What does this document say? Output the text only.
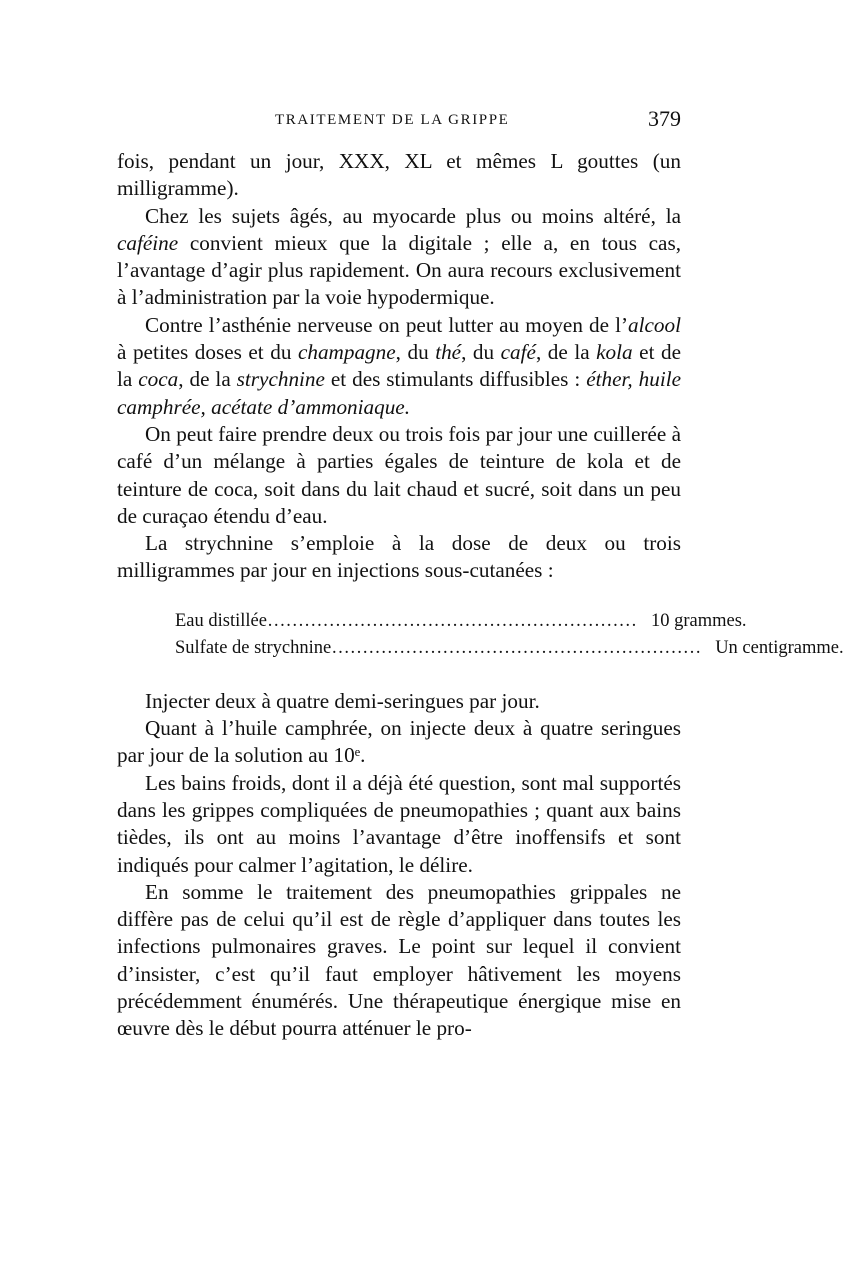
TRAITEMENT DE LA GRIPPE	379

fois, pendant un jour, XXX, XL et mêmes L gouttes (un milligramme).

Chez les sujets âgés, au myocarde plus ou moins altéré, la caféine convient mieux que la digitale ; elle a, en tous cas, l’avantage d’agir plus rapidement. On aura recours exclusivement à l’administration par la voie hypodermique.

Contre l’asthénie nerveuse on peut lutter au moyen de l’alcool à petites doses et du champagne, du thé, du café, de la kola et de la coca, de la strychnine et des stimulants diffusibles : éther, huile camphrée, acétate d’ammoniaque.

On peut faire prendre deux ou trois fois par jour une cuillerée à café d’un mélange à parties égales de teinture de kola et de teinture de coca, soit dans du lait chaud et sucré, soit dans un peu de curaçao étendu d’eau.

La strychnine s’emploie à la dose de deux ou trois milligrammes par jour en injections sous-cutanées :

Eau distillée…………………………………………………… 10 grammes.
Sulfate de strychnine…………………………………………………… Un centigramme.

Injecter deux à quatre demi-seringues par jour.

Quant à l’huile camphrée, on injecte deux à quatre seringues par jour de la solution au 10ᵉ.

Les bains froids, dont il a déjà été question, sont mal supportés dans les grippes compliquées de pneumopathies ; quant aux bains tièdes, ils ont au moins l’avantage d’être inoffensifs et sont indiqués pour calmer l’agitation, le délire.

En somme le traitement des pneumopathies grippales ne diffère pas de celui qu’il est de règle d’appliquer dans toutes les infections pulmonaires graves. Le point sur lequel il convient d’insister, c’est qu’il faut employer hâtivement les moyens précédemment énumérés. Une thérapeutique énergique mise en œuvre dès le début pourra atténuer le pro-
